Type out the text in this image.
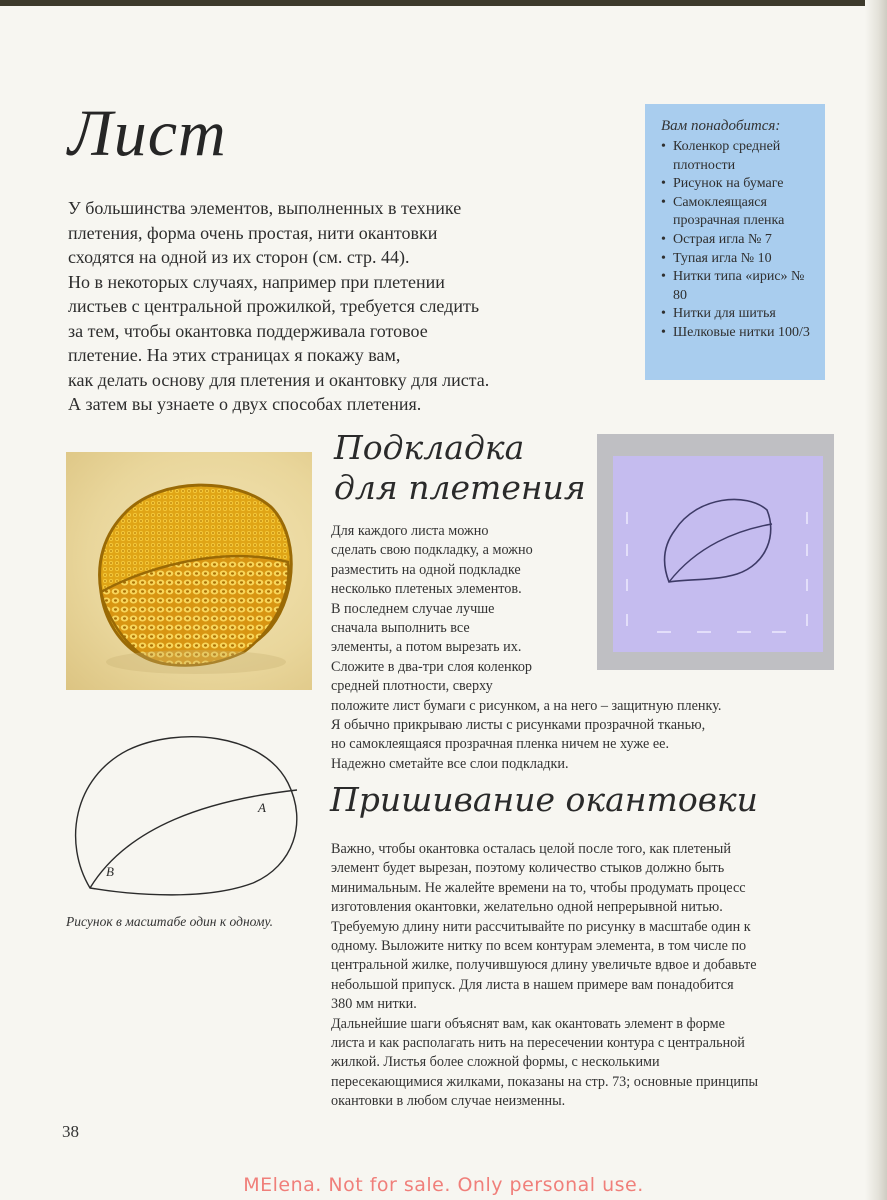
Лист
У большинства элементов, выполненных в технике
плетения, форма очень простая, нити окантовки
сходятся на одной из их сторон (см. стр. 44).
Но в некоторых случаях, например при плетении
листьев с центральной прожилкой, требуется следить
за тем, чтобы окантовка поддерживала готовое
плетение. На этих страницах я покажу вам,
как делать основу для плетения и окантовку для листа.
А затем вы узнаете о двух способах плетения.

Вам понадобится:

• Коленкор средней плотности
• Рисунок на бумаге
• Самоклеящаяся прозрачная пленка
• Острая игла № 7
• Тупая игла № 10
• Нитки типа «ирис» № 80
• Нитки для шитья
• Шелковые нитки 100/3
Подкладка
для плетения
Для каждого листа можно
сделать свою подкладку, а можно
разместить на одной подкладке
несколько плетеных элементов.
В последнем случае лучше
сначала выполнить все
элементы, а потом вырезать их.
Сложите в два-три слоя коленкор
средней плотности, сверху
положите лист бумаги с рисунком, а на него – защитную пленку.
Я обычно прикрываю листы с рисунками прозрачной тканью,
но самоклеящаяся прозрачная пленка ничем не хуже ее.
Надежно сметайте все слои подкладки.
А
В

Рисунок в масштабе один к одному.

Пришивание окантовки
Важно, чтобы окантовка осталась целой после того, как плетеный
элемент будет вырезан, поэтому количество стыков должно быть
минимальным. Не жалейте времени на то, чтобы продумать процесс
изготовления окантовки, желательно одной непрерывной нитью.
Требуемую длину нити рассчитывайте по рисунку в масштабе один к
одному. Выложите нитку по всем контурам элемента, в том числе по
центральной жилке, получившуюся длину увеличьте вдвое и добавьте
небольшой припуск. Для листа в нашем примере вам понадобится
380 мм нитки.
Дальнейшие шаги объяснят вам, как окантовать элемент в форме
листа и как располагать нить на пересечении контура с центральной
жилкой. Листья более сложной формы, с несколькими
пересекающимися жилками, показаны на стр. 73; основные принципы
окантовки в любом случае неизменны.

38

MElena. Not for sale. Only personal use.
